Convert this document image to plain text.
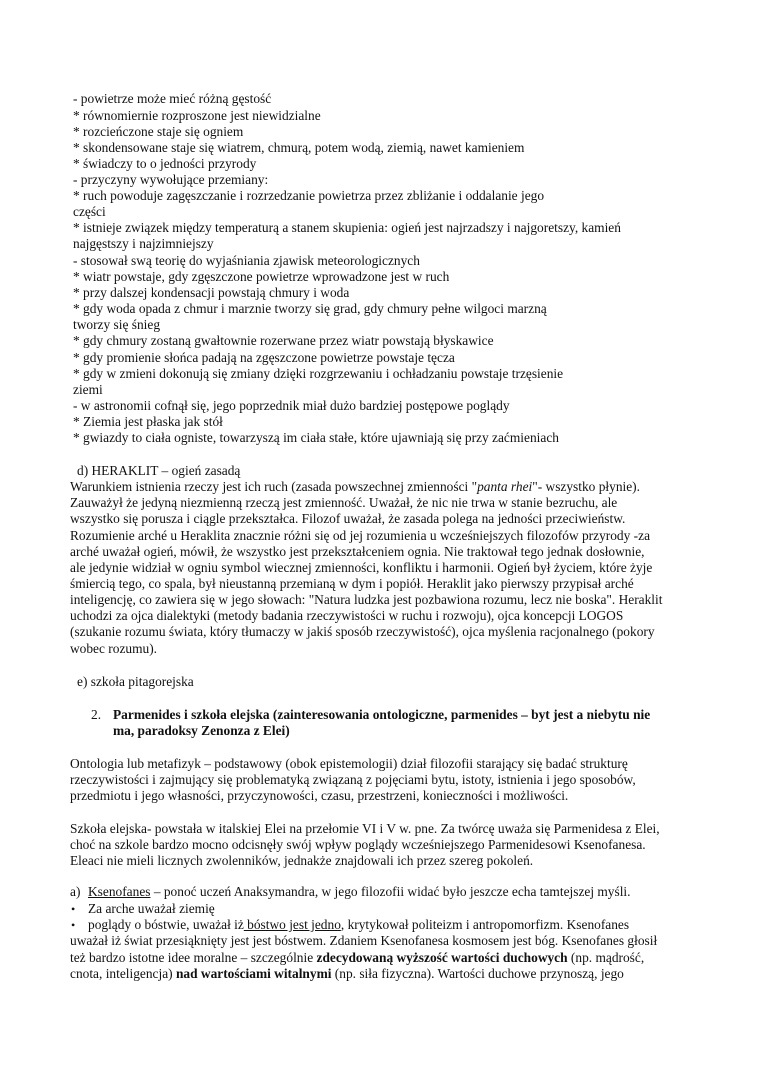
- powietrze może mieć różną gęstość
* równomiernie rozproszone jest niewidzialne
* rozcieńczone staje się ogniem
* skondensowane staje się wiatrem, chmurą, potem wodą, ziemią, nawet kamieniem
* świadczy to o jedności przyrody
- przyczyny wywołujące przemiany:
* ruch powoduje zagęszczanie i rozrzedzanie powietrza przez zbliżanie i oddalanie jego
części
* istnieje związek między temperaturą a stanem skupienia: ogień jest najrzadszy i najgoretszy, kamień
najgęstszy i najzimniejszy
- stosował swą teorię do wyjaśniania zjawisk meteorologicznych
* wiatr powstaje, gdy zgęszczone powietrze wprowadzone jest w ruch
* przy dalszej kondensacji powstają chmury i woda
* gdy woda opada z chmur i marznie tworzy się grad, gdy chmury pełne wilgoci marzną
tworzy się śnieg
* gdy chmury zostaną gwałtownie rozerwane przez wiatr powstają błyskawice
* gdy promienie słońca padają na zgęszczone powietrze powstaje tęcza
* gdy w zmieni dokonują się zmiany dzięki rozgrzewaniu i ochładzaniu powstaje trzęsienie
ziemi
- w astronomii cofnął się, jego poprzednik miał dużo bardziej postępowe poglądy
* Ziemia jest płaska jak stół
* gwiazdy to ciała ogniste, towarzyszą im ciała stałe, które ujawniają się przy zaćmieniach
d) HERAKLIT – ogień zasadą
Warunkiem istnienia rzeczy jest ich ruch (zasada powszechnej zmienności "panta rhei"- wszystko płynie).
Zauważył że jedyną niezmienną rzeczą jest zmienność. Uważał, że nic nie trwa w stanie bezruchu, ale
wszystko się porusza i ciągle przekształca. Filozof uważał, że zasada polega na jedności przeciwieństw.
Rozumienie arché u Heraklita znacznie różni się od jej rozumienia u wcześniejszych filozofów przyrody -za
arché uważał ogień, mówił, że wszystko jest przekształceniem ognia. Nie traktował tego jednak dosłownie,
ale jedynie widział w ogniu symbol wiecznej zmienności, konfliktu i harmonii. Ogień był życiem, które żyje
śmiercią tego, co spala, był nieustanną przemianą w dym i popiół. Heraklit jako pierwszy przypisał arché
inteligencję, co zawiera się w jego słowach: "Natura ludzka jest pozbawiona rozumu, lecz nie boska". Heraklit
uchodzi za ojca dialektyki (metody badania rzeczywistości w ruchu i rozwoju), ojca koncepcji LOGOS
(szukanie rozumu świata, który tłumaczy w jakiś sposób rzeczywistość), ojca myślenia racjonalnego (pokory
wobec rozumu).
e) szkoła pitagorejska
2. Parmenides i szkoła elejska (zainteresowania ontologiczne, parmenides – byt jest a niebytu nie
ma, paradoksy Zenonza z Elei)
Ontologia lub metafizyk – podstawowy (obok epistemologii) dział filozofii starający się badać strukturę
rzeczywistości i zajmujący się problematyką związaną z pojęciami bytu, istoty, istnienia i jego sposobów,
przedmiotu i jego własności, przyczynowości, czasu, przestrzeni, konieczności i możliwości.
Szkoła elejska- powstała w italskiej Elei na przełomie VI i V w. pne. Za twórcę uważa się Parmenidesa z Elei,
choć na szkole bardzo mocno odcisnęły swój wpływ poglądy wcześniejszego Parmenidesowi Ksenofanesa.
Eleaci nie mieli licznych zwolenników, jednakże znajdowali ich przez szereg pokoleń.
a) Ksenofanes – ponoć uczeń Anaksymandra, w jego filozofii widać było jeszcze echa tamtejszej myśli.
• Za arche uważał ziemię
• poglądy o bóstwie, uważał iż bóstwo jest jedno, krytykował politeizm i antropomorfizm. Ksenofanes
uważał iż świat przesiąknięty jest jest bóstwem. Zdaniem Ksenofanesa kosmosem jest bóg. Ksenofanes głosił
też bardzo istotne idee moralne – szczególnie zdecydowaną wyższość wartości duchowych (np. mądrość,
cnota, inteligencja) nad wartościami witalnymi (np. siła fizyczna). Wartości duchowe przynoszą, jego
